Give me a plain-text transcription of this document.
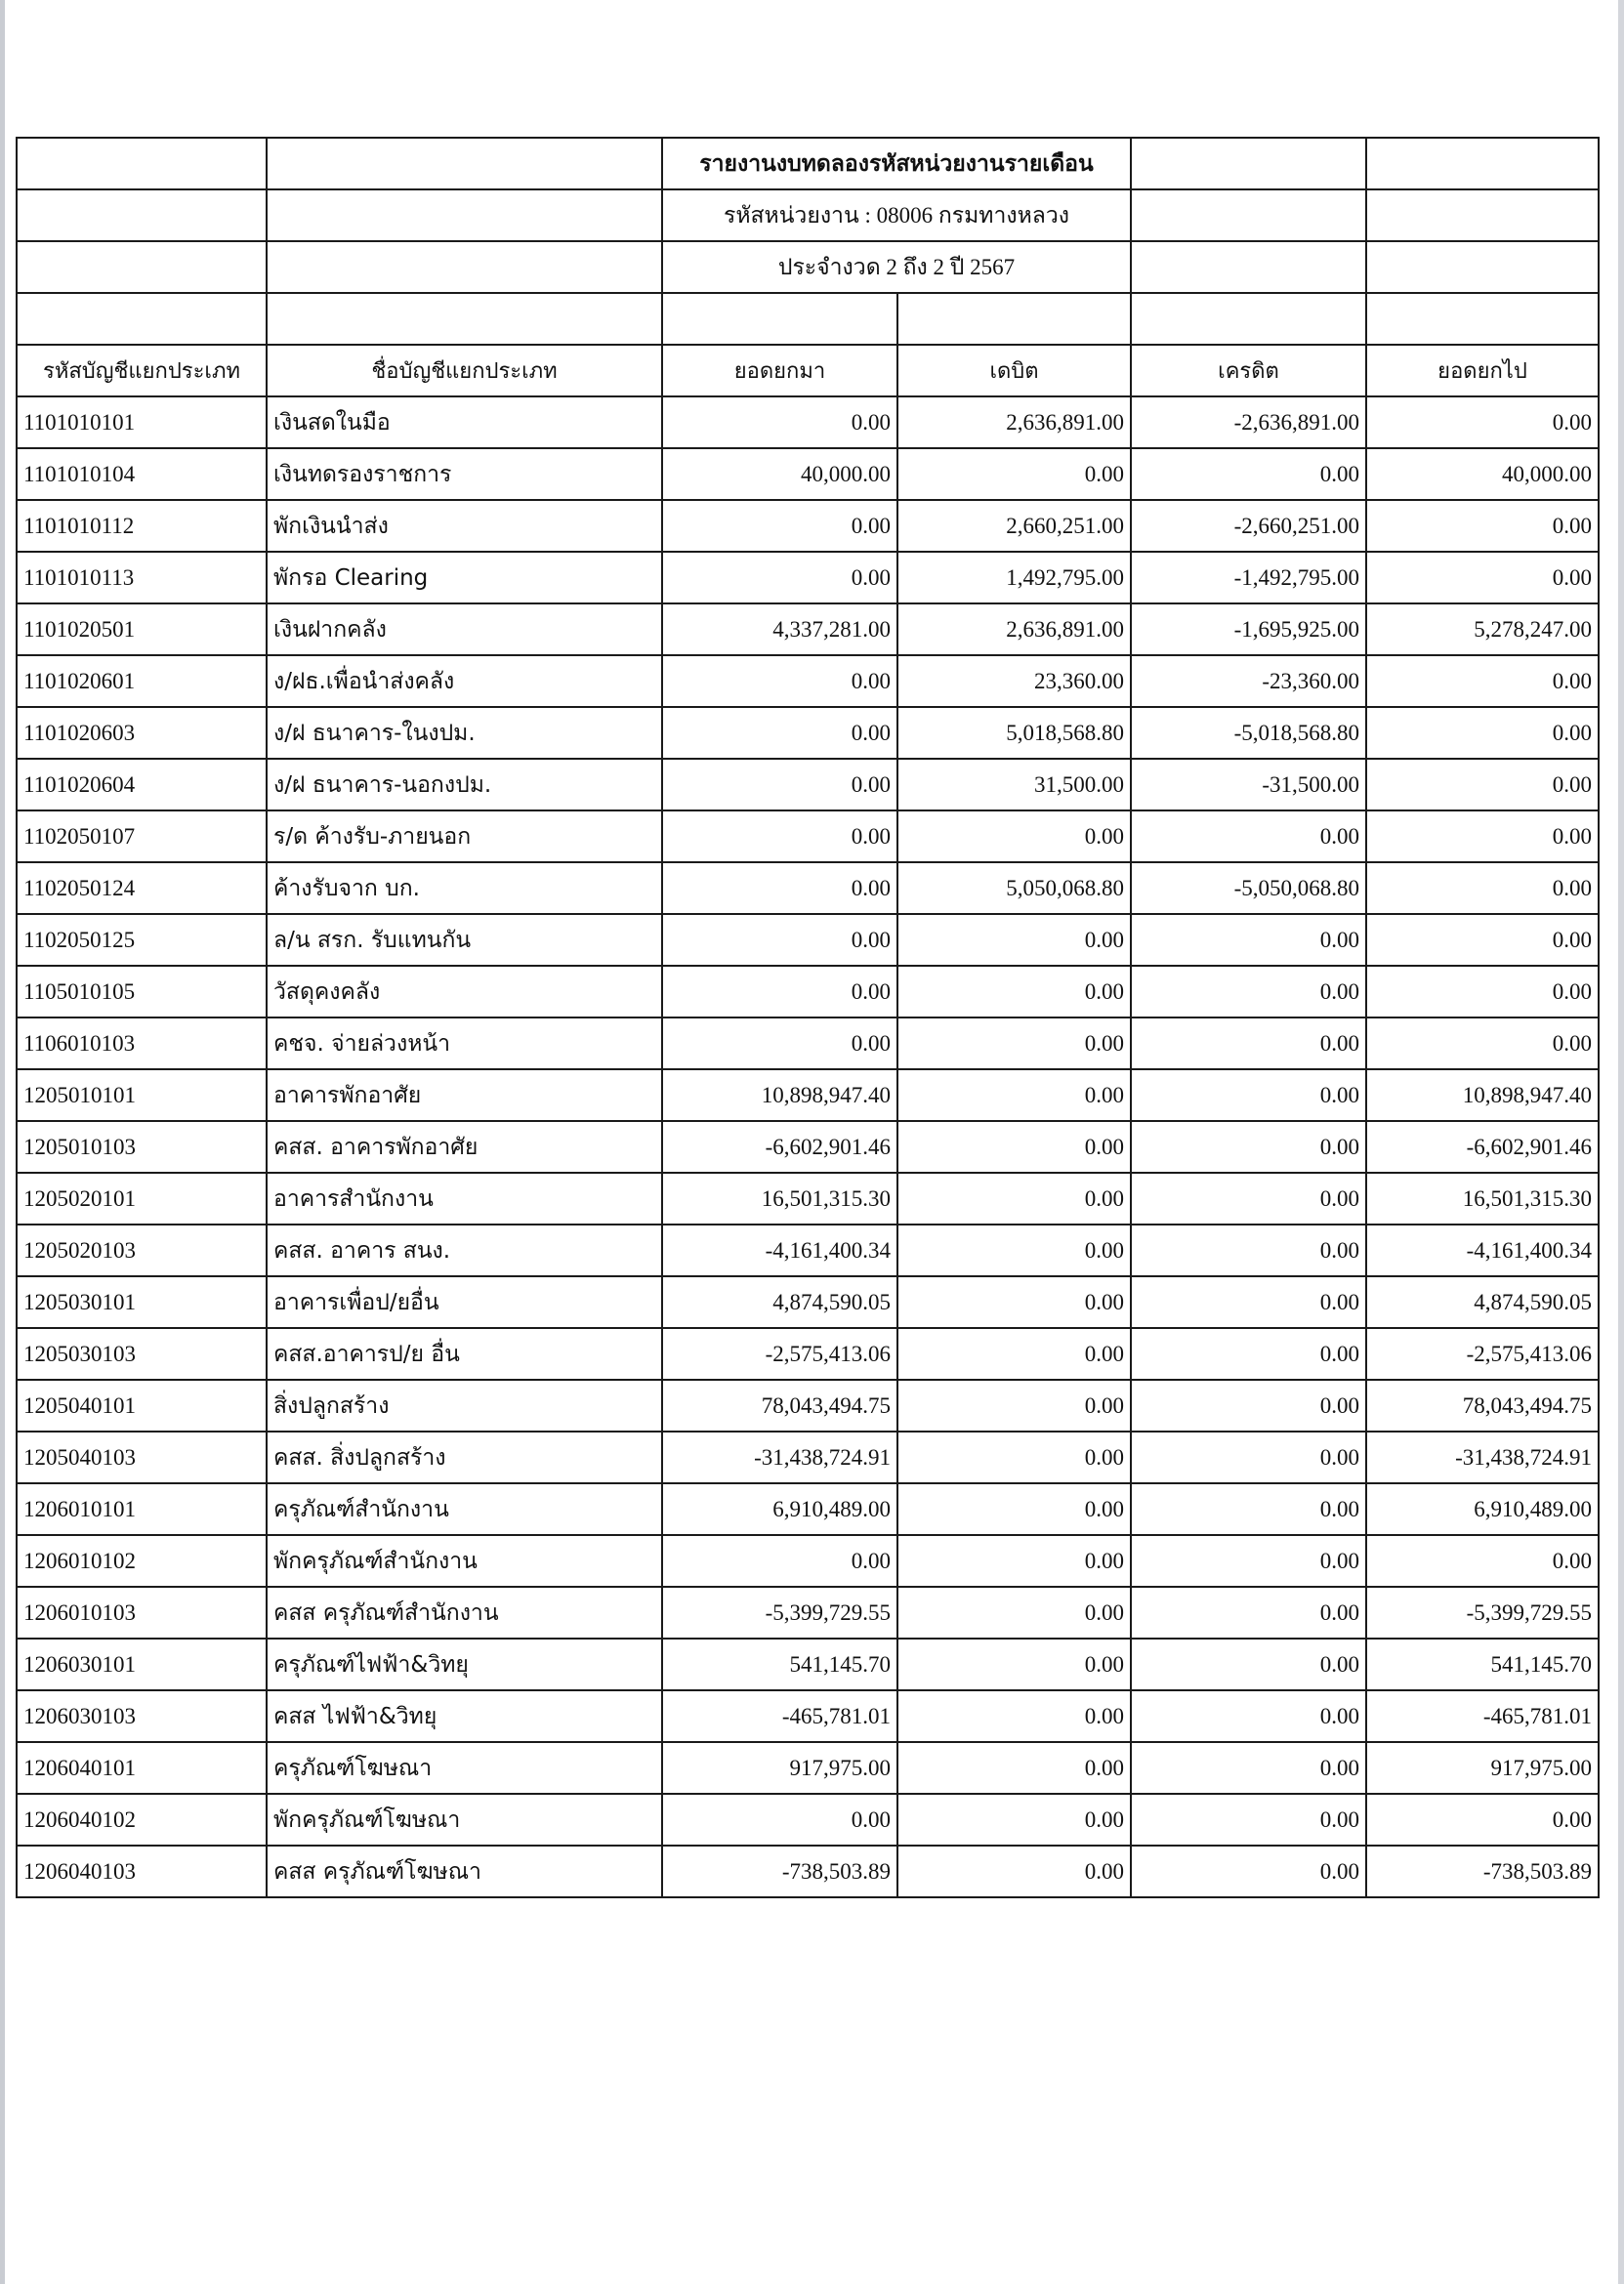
		รายงานงบทดลองรหัสหน่วยงานรายเดือน			
		รหัสหน่วยงาน : 08006 กรมทางหลวง			
		ประจำงวด 2 ถึง 2 ปี 2567			

รหัสบัญชีแยกประเภท	ชื่อบัญชีแยกประเภท	ยอดยกมา	เดบิต	เครดิต	ยอดยกไป
1101010101	เงินสดในมือ	0.00	2,636,891.00	-2,636,891.00	0.00
1101010104	เงินทดรองราชการ	40,000.00	0.00	0.00	40,000.00
1101010112	พักเงินนำส่ง	0.00	2,660,251.00	-2,660,251.00	0.00
1101010113	พักรอ Clearing	0.00	1,492,795.00	-1,492,795.00	0.00
1101020501	เงินฝากคลัง	4,337,281.00	2,636,891.00	-1,695,925.00	5,278,247.00
1101020601	ง/ฝธ.เพื่อนำส่งคลัง	0.00	23,360.00	-23,360.00	0.00
1101020603	ง/ฝ ธนาคาร-ในงปม.	0.00	5,018,568.80	-5,018,568.80	0.00
1101020604	ง/ฝ ธนาคาร-นอกงปม.	0.00	31,500.00	-31,500.00	0.00
1102050107	ร/ด ค้างรับ-ภายนอก	0.00	0.00	0.00	0.00
1102050124	ค้างรับจาก บก.	0.00	5,050,068.80	-5,050,068.80	0.00
1102050125	ล/น สรก. รับแทนกัน	0.00	0.00	0.00	0.00
1105010105	วัสดุคงคลัง	0.00	0.00	0.00	0.00
1106010103	คชจ. จ่ายล่วงหน้า	0.00	0.00	0.00	0.00
1205010101	อาคารพักอาศัย	10,898,947.40	0.00	0.00	10,898,947.40
1205010103	คสส. อาคารพักอาศัย	-6,602,901.46	0.00	0.00	-6,602,901.46
1205020101	อาคารสำนักงาน	16,501,315.30	0.00	0.00	16,501,315.30
1205020103	คสส. อาคาร สนง.	-4,161,400.34	0.00	0.00	-4,161,400.34
1205030101	อาคารเพื่อป/ยอื่น	4,874,590.05	0.00	0.00	4,874,590.05
1205030103	คสส.อาคารป/ย อื่น	-2,575,413.06	0.00	0.00	-2,575,413.06
1205040101	สิ่งปลูกสร้าง	78,043,494.75	0.00	0.00	78,043,494.75
1205040103	คสส. สิ่งปลูกสร้าง	-31,438,724.91	0.00	0.00	-31,438,724.91
1206010101	ครุภัณฑ์สำนักงาน	6,910,489.00	0.00	0.00	6,910,489.00
1206010102	พักครุภัณฑ์สำนักงาน	0.00	0.00	0.00	0.00
1206010103	คสส ครุภัณฑ์สำนักงาน	-5,399,729.55	0.00	0.00	-5,399,729.55
1206030101	ครุภัณฑ์ไฟฟ้า&วิทยุ	541,145.70	0.00	0.00	541,145.70
1206030103	คสส ไฟฟ้า&วิทยุ	-465,781.01	0.00	0.00	-465,781.01
1206040101	ครุภัณฑ์โฆษณา	917,975.00	0.00	0.00	917,975.00
1206040102	พักครุภัณฑ์โฆษณา	0.00	0.00	0.00	0.00
1206040103	คสส ครุภัณฑ์โฆษณา	-738,503.89	0.00	0.00	-738,503.89
